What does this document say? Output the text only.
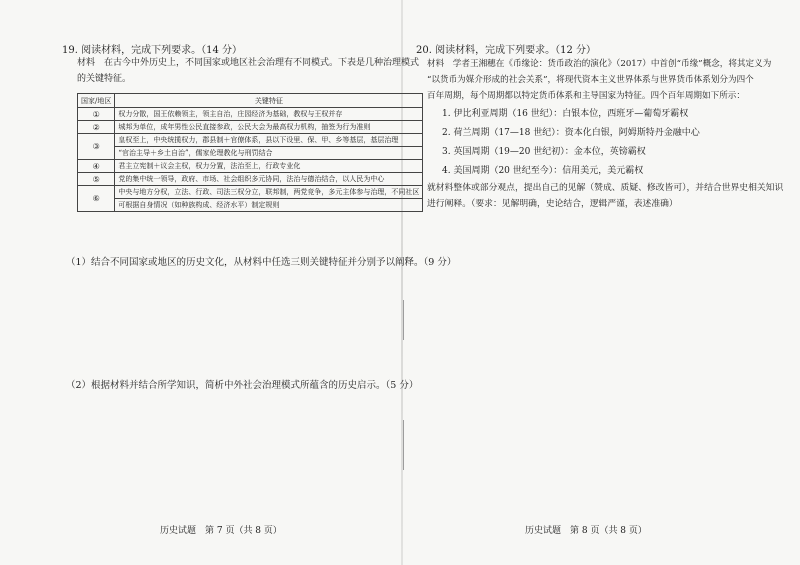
19. 阅读材料，完成下列要求。（14 分）
材料　在古今中外历史上，不同国家或地区社会治理有不同模式。下表是几种治理模式
的关键特征。
国家/地区	关键特征
①	权力分散，国王依赖领主，领主自治，庄园经济为基础，教权与王权并存
②	城邦为单位，成年男性公民直接参政，公民大会为最高权力机构，抽签为行为准则
③	皇权至上，中央统揽权力，郡县制＋官僚体系，县以下设里、保、甲、乡等基层，基层治理
	“官治主导＋乡土自治”，儒家伦理教化与刑罚结合
④	君主立宪制＋议会主权，权力分置，法治至上，行政专业化
⑤	党的集中统一领导，政府、市场、社会组织多元协同，法治与德治结合，以人民为中心
⑥	中央与地方分权，立法、行政、司法三权分立，联邦制，两党竞争，多元主体参与治理，不同社区
	可根据自身情况（如种族构成、经济水平）制定规则
（1）结合不同国家或地区的历史文化，从材料中任选三则关键特征并分别予以阐释。（9 分）
（2）根据材料并结合所学知识，简析中外社会治理模式所蕴含的历史启示。（5 分）
历史试题　第 7 页（共 8 页）
20. 阅读材料，完成下列要求。（12 分）
材料　学者王湘穗在《币缘论：货币政治的演化》（2017）中首创“币缘”概念，将其定义为
“以货币为媒介形成的社会关系”，将现代资本主义世界体系与世界货币体系划分为四个
百年周期，每个周期都以特定货币体系和主导国家为特征。四个百年周期如下所示：
1. 伊比利亚周期（16 世纪）：白银本位，西班牙—葡萄牙霸权
2. 荷兰周期（17—18 世纪）：资本化白银，阿姆斯特丹金融中心
3. 英国周期（19—20 世纪初）：金本位，英镑霸权
4. 美国周期（20 世纪至今）：信用美元，美元霸权
就材料整体或部分观点，提出自己的见解（赞成、质疑、修改皆可），并结合世界史相关知识
进行阐释。（要求：见解明确，史论结合，逻辑严谨，表述准确）
历史试题　第 8 页（共 8 页）
